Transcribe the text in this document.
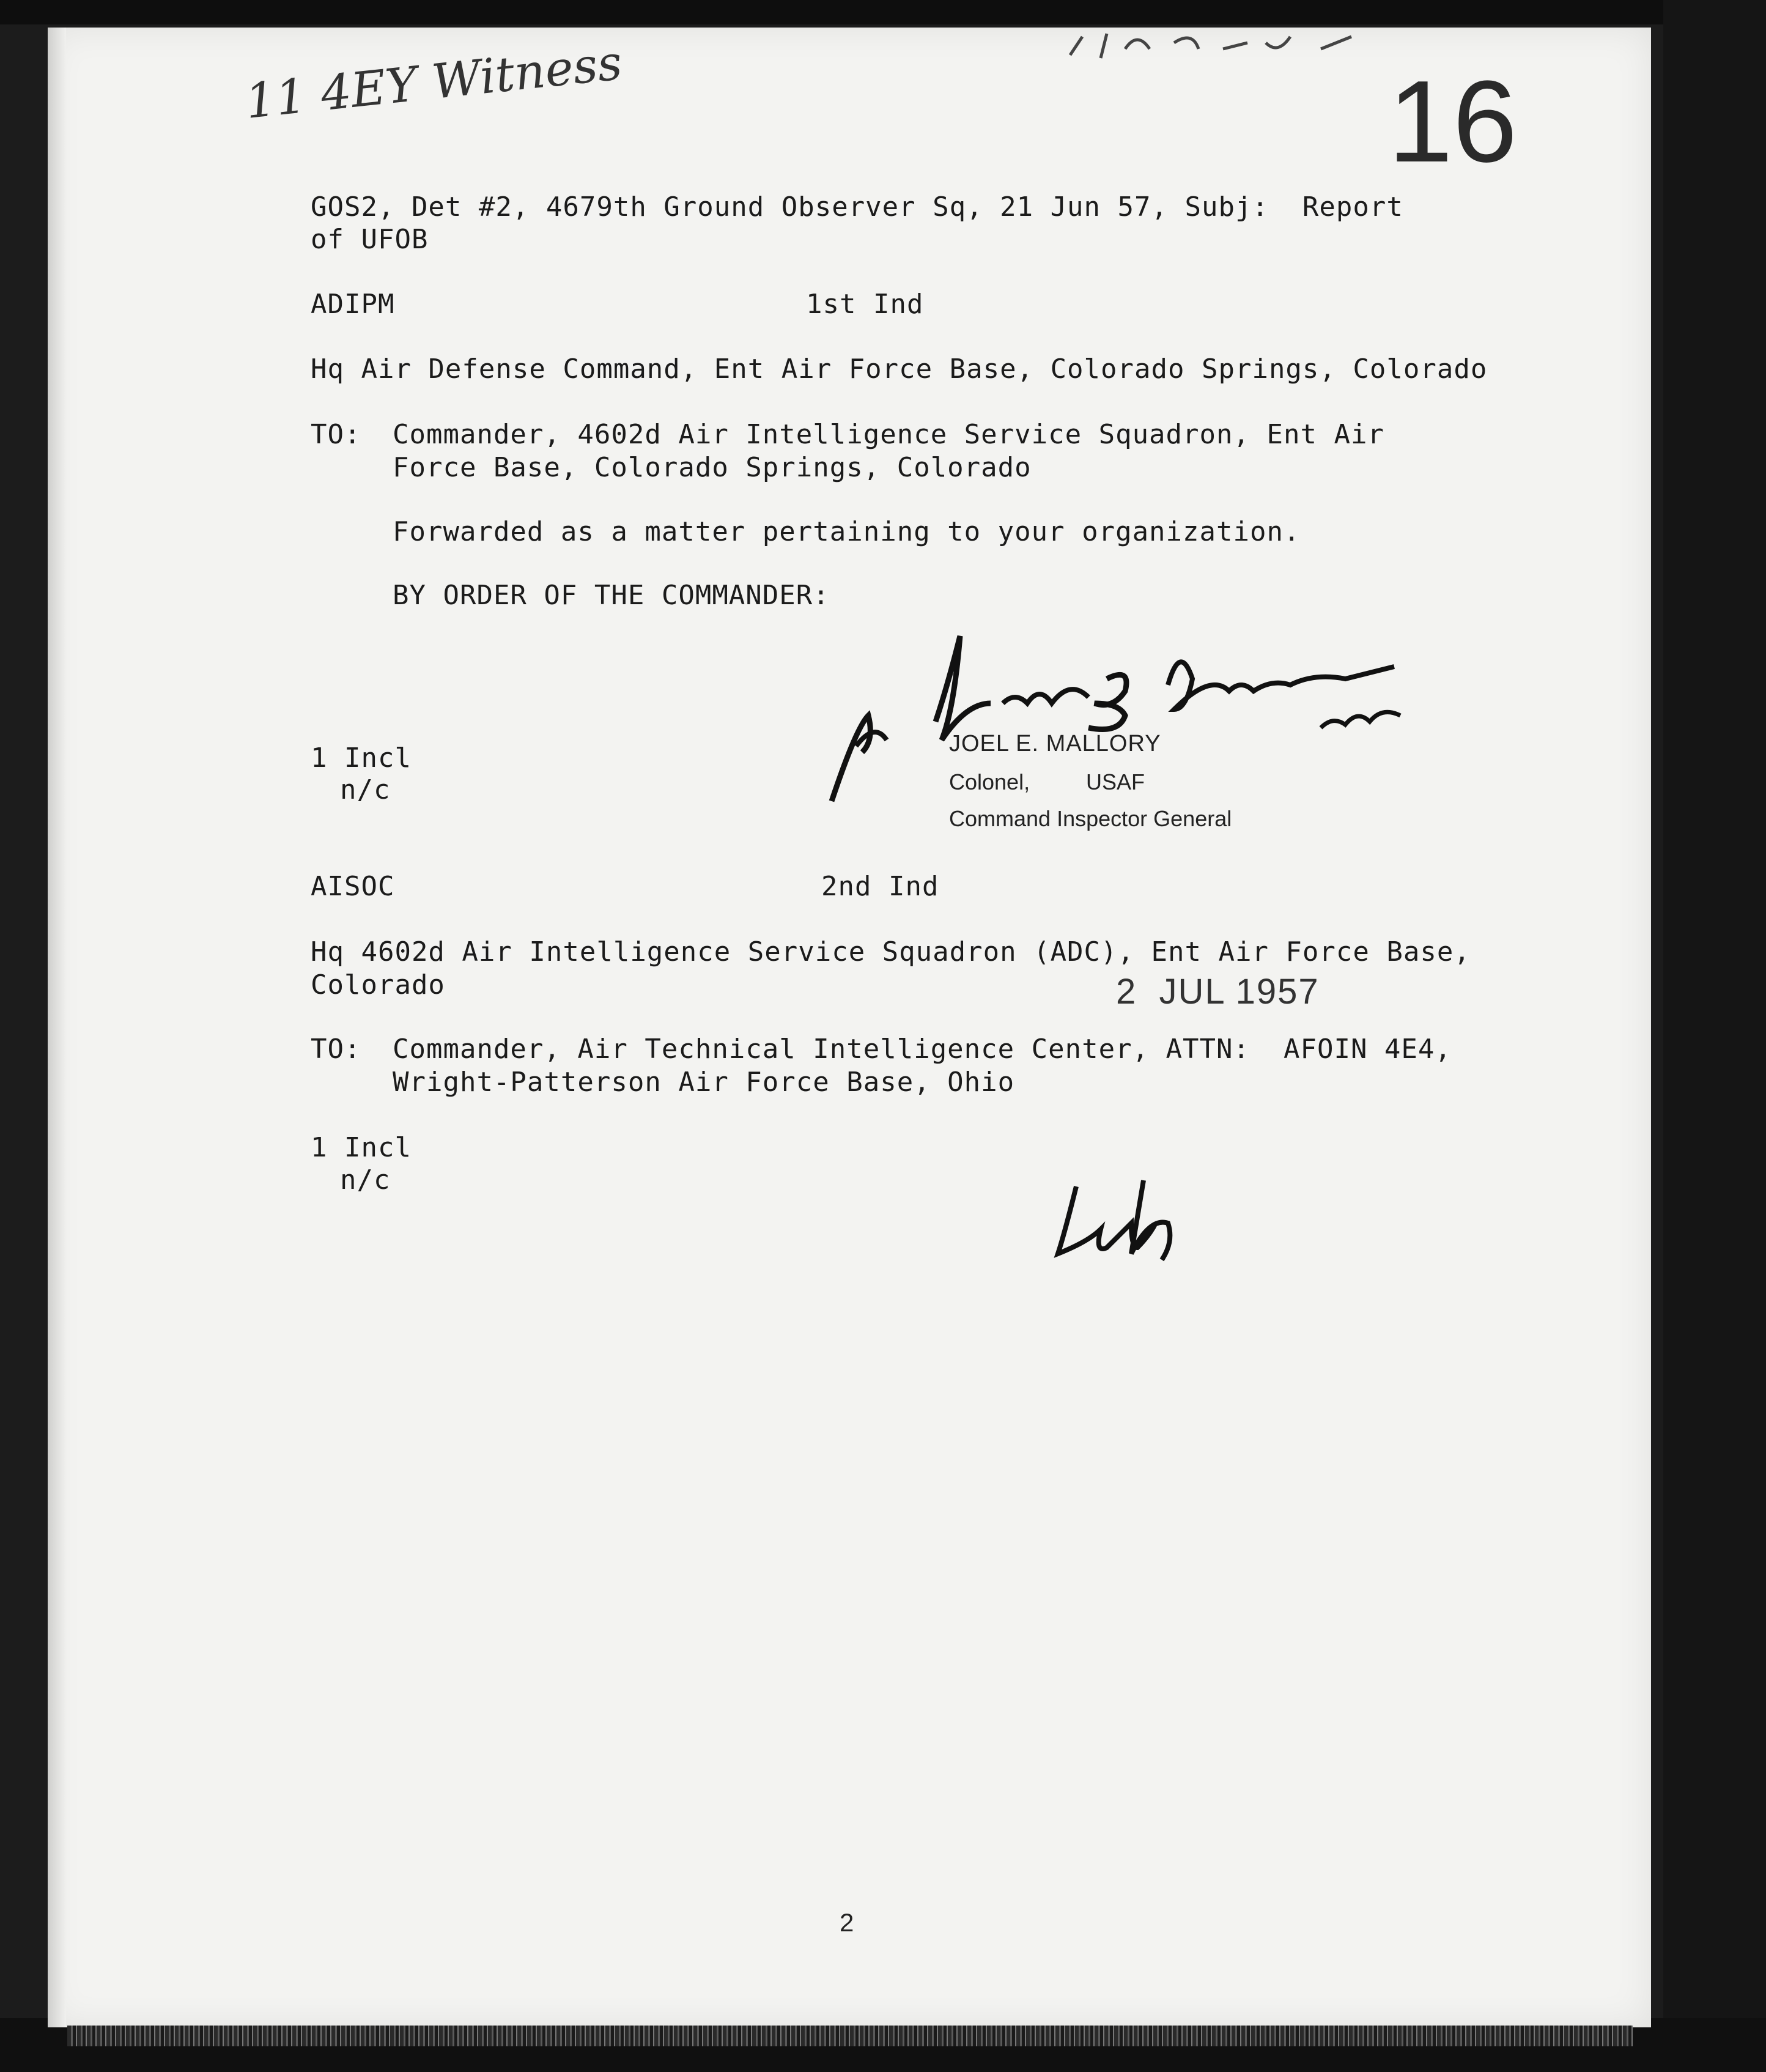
11 4EY Witness	16
GOS2, Det #2, 4679th Ground Observer Sq, 21 Jun 57, Subj:  Report
of UFOB
ADIPM	1st Ind
Hq Air Defense Command, Ent Air Force Base, Colorado Springs, Colorado
TO: Commander, 4602d Air Intelligence Service Squadron, Ent Air
Force Base, Colorado Springs, Colorado
Forwarded as a matter pertaining to your organization.
BY ORDER OF THE COMMANDER:
1 Incl
n/c
JOEL E. MALLORY
Colonel,	USAF
Command Inspector General
AISOC	2nd Ind
Hq 4602d Air Intelligence Service Squadron (ADC), Ent Air Force Base,
Colorado	2  JUL 1957
TO: Commander, Air Technical Intelligence Center, ATTN:  AFOIN 4E4,
Wright-Patterson Air Force Base, Ohio
1 Incl
n/c
2
